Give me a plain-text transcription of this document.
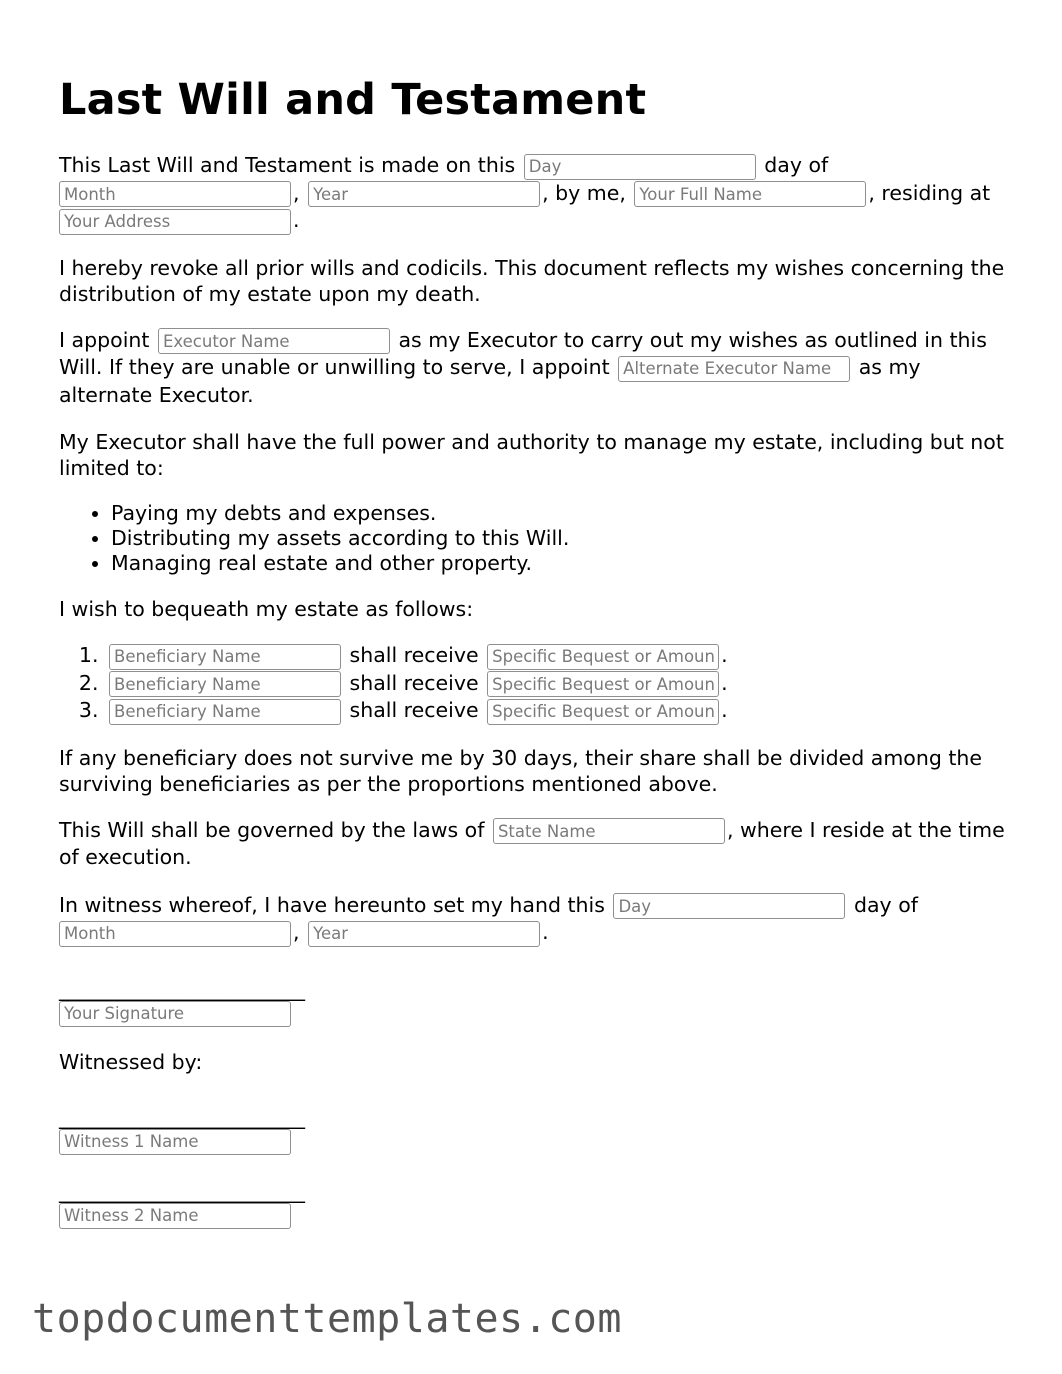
Last Will and Testament

This Last Will and Testament is made on this Day	day of
Month, Year	, by me, Your Full Name	, residing at
Your Address.

I hereby revoke all prior wills and codicils. This document reflects my wishes concerning the distribution of my estate upon my death.

I appoint Executor Name	as my Executor to carry out my wishes as outlined in this Will. If they are unable or unwilling to serve, I appoint Alternate Executor Name	as my alternate Executor.

My Executor shall have the full power and authority to manage my estate, including but not limited to:

• Paying my debts and expenses.
• Distributing my assets according to this Will.
• Managing real estate and other property.

I wish to bequeath my estate as follows:

Beneficiary Name 1. shall receive Specific Bequest or Amount	.
Beneficiary Name 2. shall receive Specific Bequest or Amount	.
Beneficiary Name 3. shall receive Specific Bequest or Amount	.

If any beneficiary does not survive me by 30 days, their share shall be divided among the surviving beneficiaries as per the proportions mentioned above.

This Will shall be governed by the laws of State Name	, where I reside at the time of execution.

In witness whereof, I have hereunto set my hand this Day	day of
Month, Year	.

________________________
Your Signature

Witnessed by:

________________________
Witness 1 Name
________________________
Witness 2 Name
topdocumenttemplates.com
